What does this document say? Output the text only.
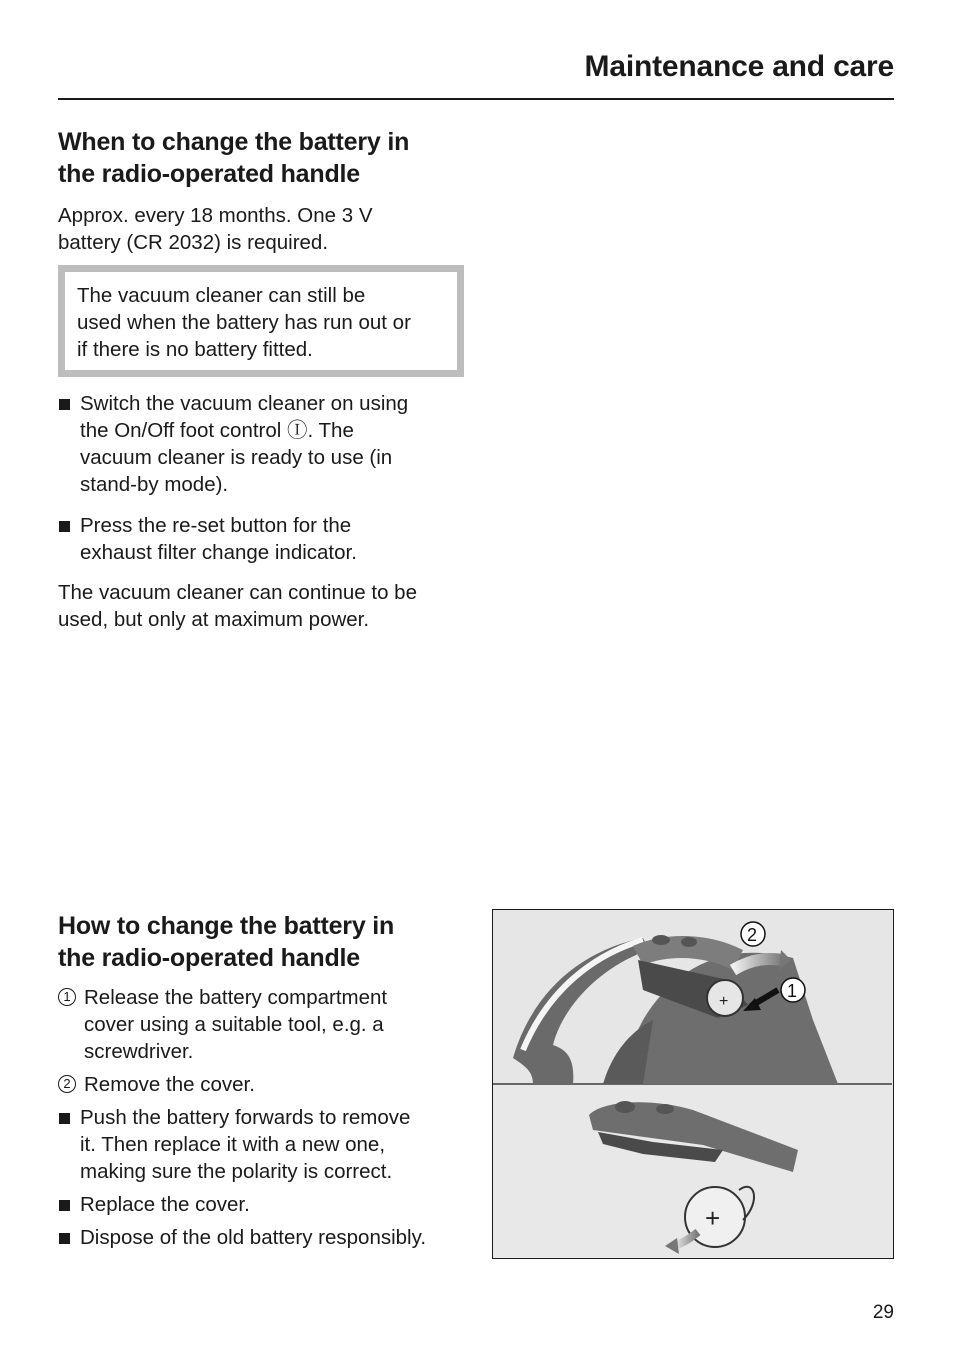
Maintenance and care
When to change the battery in
the radio-operated handle

Approx. every 18 months. One 3 V
battery (CR 2032) is required.

The vacuum cleaner can still be
used when the battery has run out or
if there is no battery fitted.

Switch the vacuum cleaner on using
the On/Off foot control Ⓘ. The
vacuum cleaner is ready to use (in
stand-by mode).
Press the re-set button for the
exhaust filter change indicator.

The vacuum cleaner can continue to be
used, but only at maximum power.

How to change the battery in
the radio-operated handle
1 Release the battery compartment
cover using a suitable tool, e.g. a
screwdriver.
2 Remove the cover.
Push the battery forwards to remove
it. Then replace it with a new one,
making sure the polarity is correct.
Replace the cover.
Dispose of the old battery responsibly.
+
2
1
+
29
